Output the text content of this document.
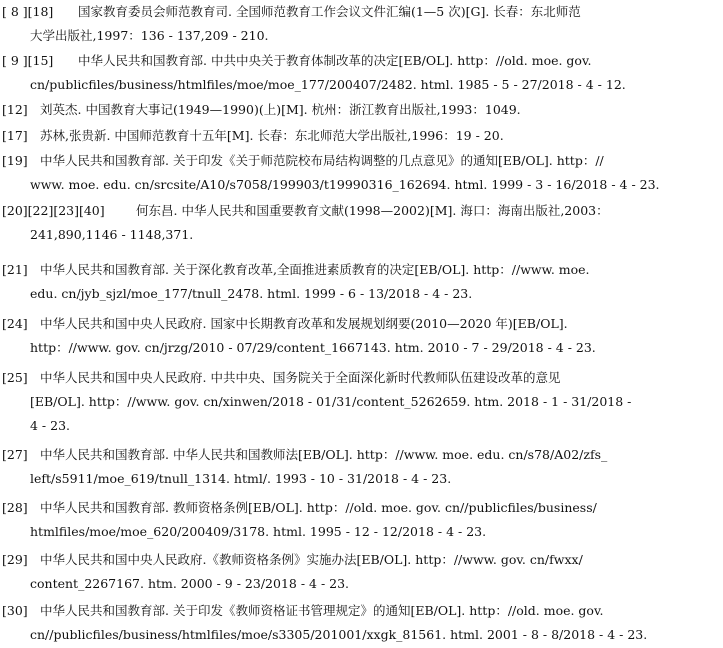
[ 8 ][18] 国家教育委员会师范教育司. 全国师范教育工作会议文件汇编(1—5 次)[G]. 长春：东北师范
大学出版社,1997：136 - 137,209 - 210.
[ 9 ][15] 中华人民共和国教育部. 中共中央关于教育体制改革的决定[EB/OL]. http：//old. moe. gov.
cn/publicfiles/business/htmlfiles/moe/moe_177/200407/2482. html. 1985 - 5 - 27/2018 - 4 - 12.
[12] 刘英杰. 中国教育大事记(1949—1990)(上)[M]. 杭州：浙江教育出版社,1993：1049.
[17] 苏林,张贵新. 中国师范教育十五年[M]. 长春：东北师范大学出版社,1996：19 - 20.
[19] 中华人民共和国教育部. 关于印发《关于师范院校布局结构调整的几点意见》的通知[EB/OL]. http：//
www. moe. edu. cn/srcsite/A10/s7058/199903/t19990316_162694. html. 1999 - 3 - 16/2018 - 4 - 23.
[20][22][23][40]	何东昌. 中华人民共和国重要教育文献(1998—2002)[M]. 海口：海南出版社,2003：
241,890,1146 - 1148,371.
[21] 中华人民共和国教育部. 关于深化教育改革,全面推进素质教育的决定[EB/OL]. http：//www. moe.
edu. cn/jyb_sjzl/moe_177/tnull_2478. html. 1999 - 6 - 13/2018 - 4 - 23.
[24] 中华人民共和国中央人民政府. 国家中长期教育改革和发展规划纲要(2010—2020 年)[EB/OL].
http：//www. gov. cn/jrzg/2010 - 07/29/content_1667143. htm. 2010 - 7 - 29/2018 - 4 - 23.
[25] 中华人民共和国中央人民政府. 中共中央、国务院关于全面深化新时代教师队伍建设改革的意见
[EB/OL]. http：//www. gov. cn/xinwen/2018 - 01/31/content_5262659. htm. 2018 - 1 - 31/2018 -
4 - 23.
[27] 中华人民共和国教育部. 中华人民共和国教师法[EB/OL]. http：//www. moe. edu. cn/s78/A02/zfs_
left/s5911/moe_619/tnull_1314. html/. 1993 - 10 - 31/2018 - 4 - 23.
[28] 中华人民共和国教育部. 教师资格条例[EB/OL]. http：//old. moe. gov. cn//publicfiles/business/
htmlfiles/moe/moe_620/200409/3178. html. 1995 - 12 - 12/2018 - 4 - 23.
[29] 中华人民共和国中央人民政府.《教师资格条例》实施办法[EB/OL]. http：//www. gov. cn/fwxx/
content_2267167. htm. 2000 - 9 - 23/2018 - 4 - 23.
[30] 中华人民共和国教育部. 关于印发《教师资格证书管理规定》的通知[EB/OL]. http：//old. moe. gov.
cn//publicfiles/business/htmlfiles/moe/s3305/201001/xxgk_81561. html. 2001 - 8 - 8/2018 - 4 - 23.
